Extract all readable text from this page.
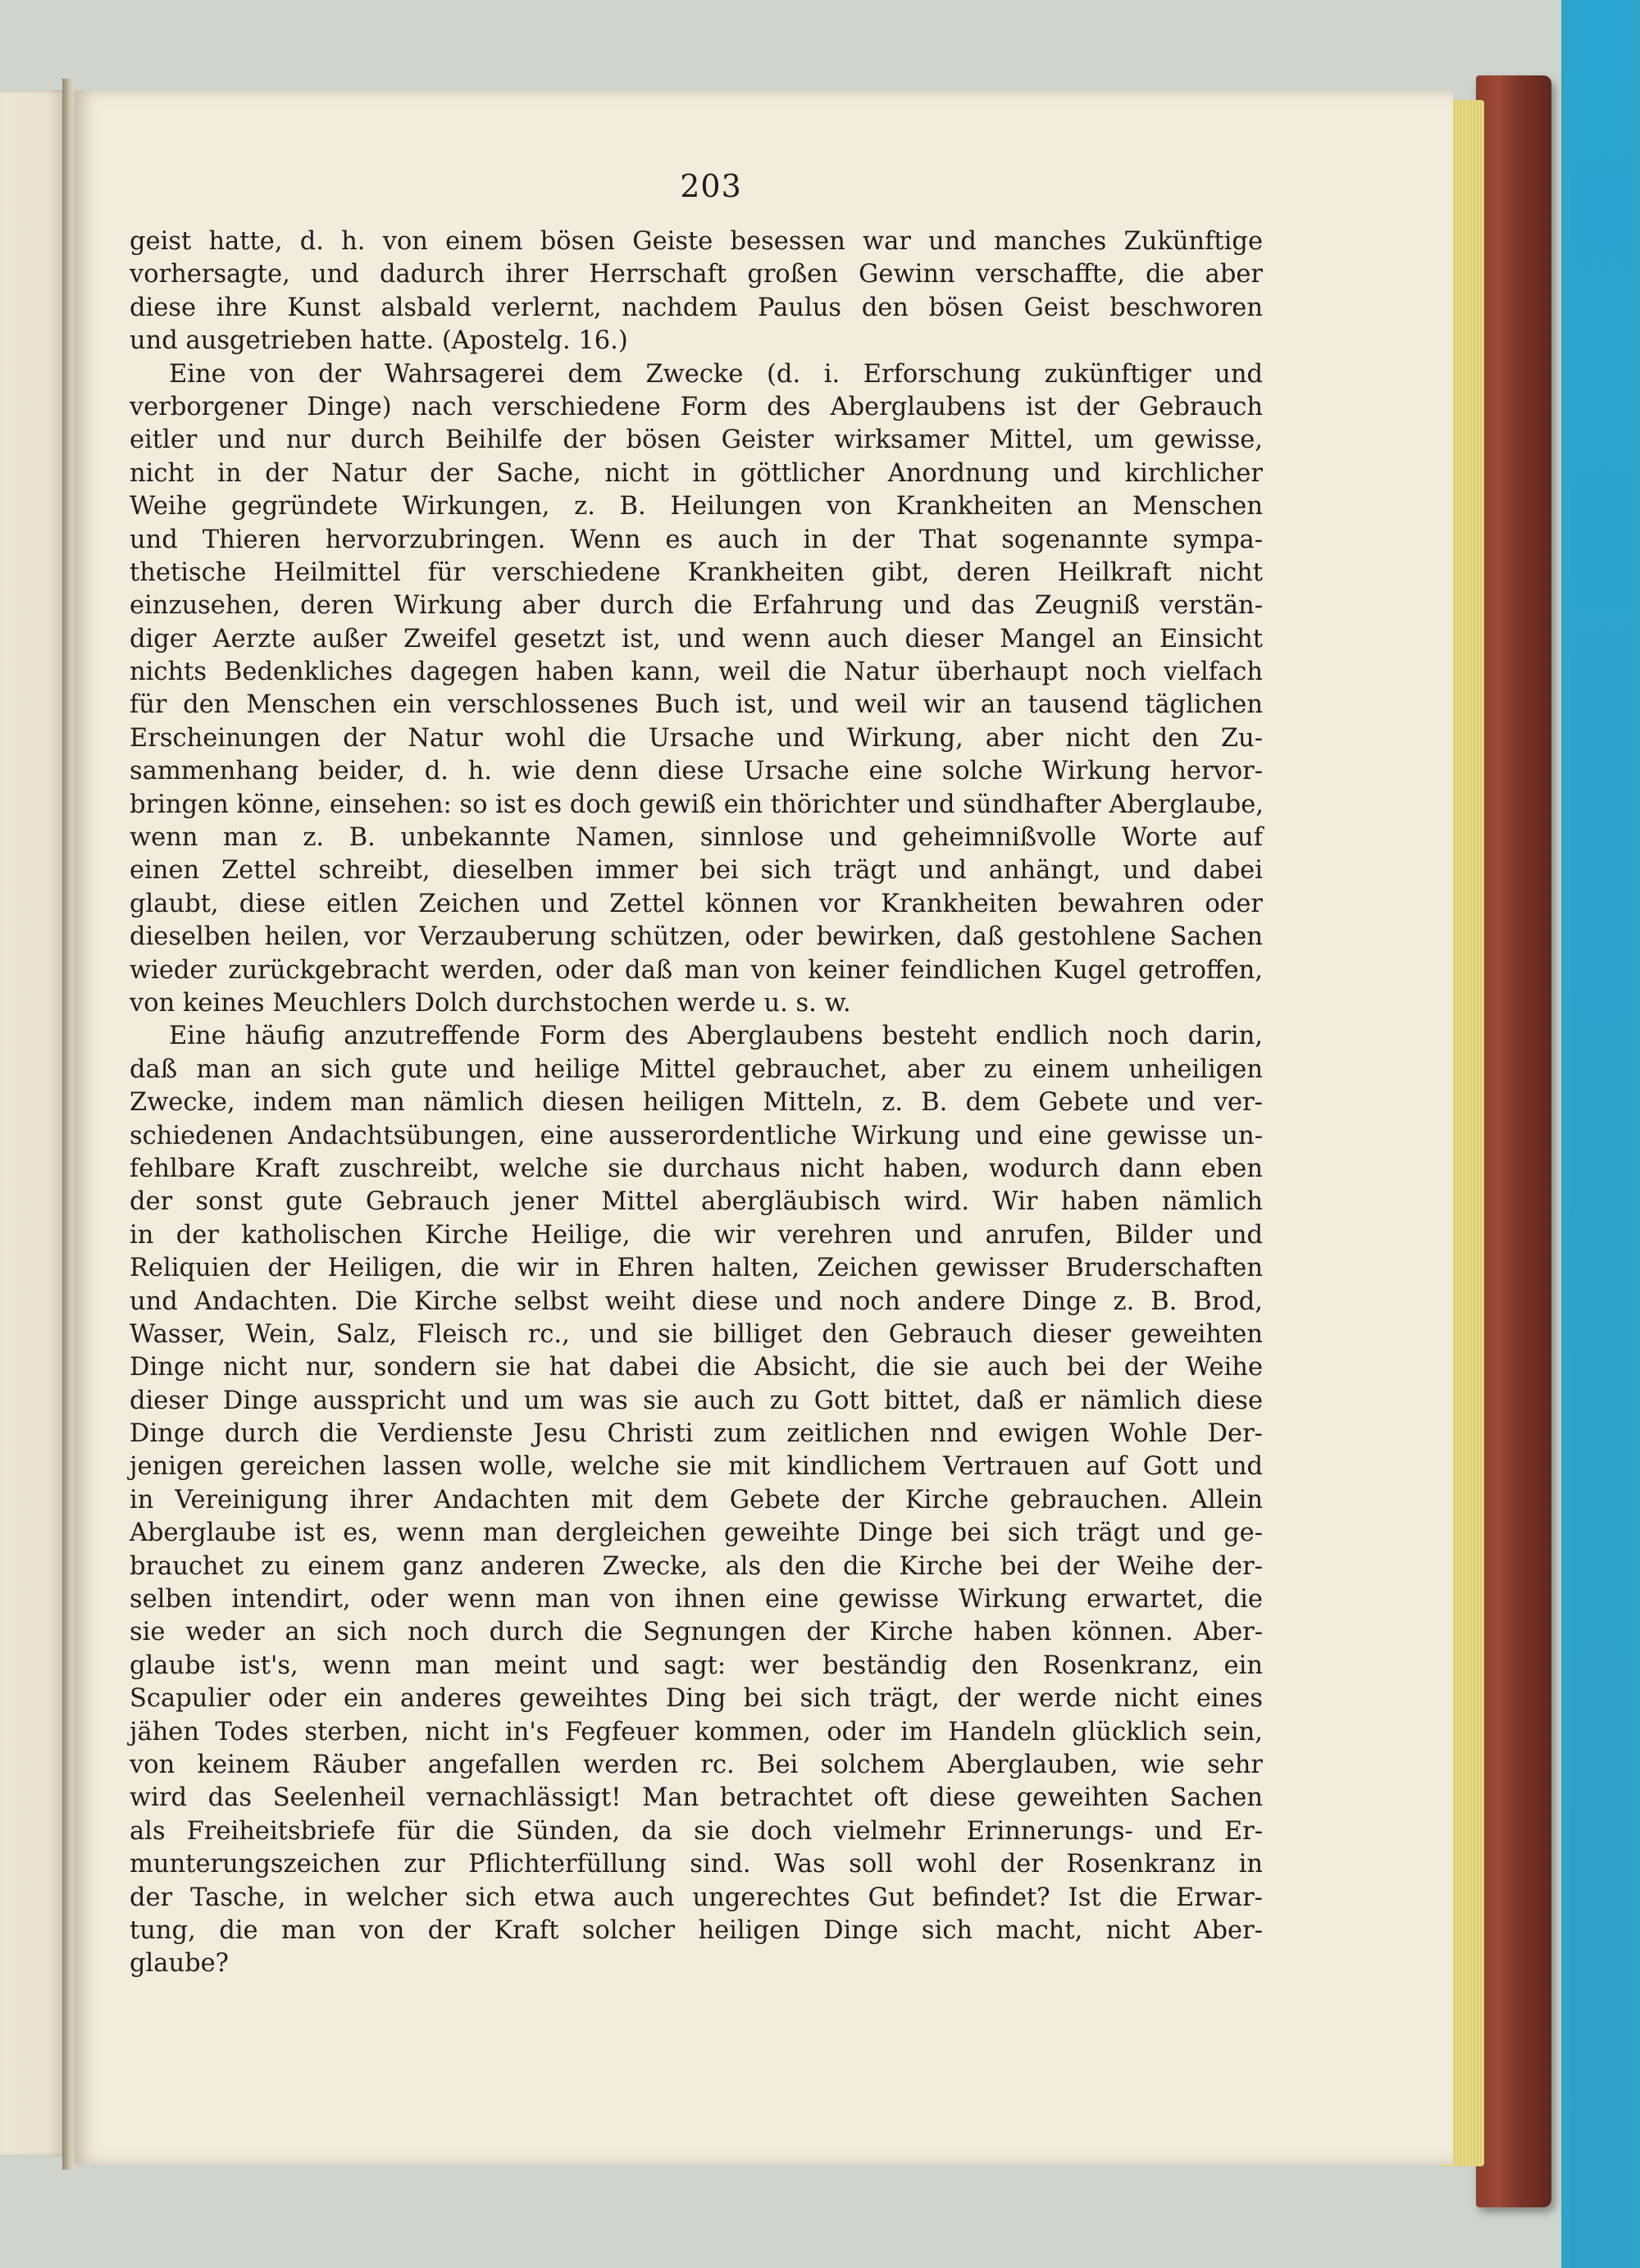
203
geist hatte, d. h. von einem bösen Geiste besessen war und manches Zukünftige
vorhersagte, und dadurch ihrer Herrschaft großen Gewinn verschaffte, die aber
diese ihre Kunst alsbald verlernt, nachdem Paulus den bösen Geist beschworen
und ausgetrieben hatte. (Apostelg. 16.)
Eine von der Wahrsagerei dem Zwecke (d. i. Erforschung zukünftiger und
verborgener Dinge) nach verschiedene Form des Aberglaubens ist der Gebrauch
eitler und nur durch Beihilfe der bösen Geister wirksamer Mittel, um gewisse,
nicht in der Natur der Sache, nicht in göttlicher Anordnung und kirchlicher
Weihe gegründete Wirkungen, z. B. Heilungen von Krankheiten an Menschen
und Thieren hervorzubringen. Wenn es auch in der That sogenannte sympa-
thetische Heilmittel für verschiedene Krankheiten gibt, deren Heilkraft nicht
einzusehen, deren Wirkung aber durch die Erfahrung und das Zeugniß verstän-
diger Aerzte außer Zweifel gesetzt ist, und wenn auch dieser Mangel an Einsicht
nichts Bedenkliches dagegen haben kann, weil die Natur überhaupt noch vielfach
für den Menschen ein verschlossenes Buch ist, und weil wir an tausend täglichen
Erscheinungen der Natur wohl die Ursache und Wirkung, aber nicht den Zu-
sammenhang beider, d. h. wie denn diese Ursache eine solche Wirkung hervor-
bringen könne, einsehen: so ist es doch gewiß ein thörichter und sündhafter Aberglaube,
wenn man z. B. unbekannte Namen, sinnlose und geheimnißvolle Worte auf
einen Zettel schreibt, dieselben immer bei sich trägt und anhängt, und dabei
glaubt, diese eitlen Zeichen und Zettel können vor Krankheiten bewahren oder
dieselben heilen, vor Verzauberung schützen, oder bewirken, daß gestohlene Sachen
wieder zurückgebracht werden, oder daß man von keiner feindlichen Kugel getroffen,
von keines Meuchlers Dolch durchstochen werde u. s. w.
Eine häufig anzutreffende Form des Aberglaubens besteht endlich noch darin,
daß man an sich gute und heilige Mittel gebrauchet, aber zu einem unheiligen
Zwecke, indem man nämlich diesen heiligen Mitteln, z. B. dem Gebete und ver-
schiedenen Andachtsübungen, eine ausserordentliche Wirkung und eine gewisse un-
fehlbare Kraft zuschreibt, welche sie durchaus nicht haben, wodurch dann eben
der sonst gute Gebrauch jener Mittel abergläubisch wird. Wir haben nämlich
in der katholischen Kirche Heilige, die wir verehren und anrufen, Bilder und
Reliquien der Heiligen, die wir in Ehren halten, Zeichen gewisser Bruderschaften
und Andachten. Die Kirche selbst weiht diese und noch andere Dinge z. B. Brod,
Wasser, Wein, Salz, Fleisch rc., und sie billiget den Gebrauch dieser geweihten
Dinge nicht nur, sondern sie hat dabei die Absicht, die sie auch bei der Weihe
dieser Dinge ausspricht und um was sie auch zu Gott bittet, daß er nämlich diese
Dinge durch die Verdienste Jesu Christi zum zeitlichen nnd ewigen Wohle Der-
jenigen gereichen lassen wolle, welche sie mit kindlichem Vertrauen auf Gott und
in Vereinigung ihrer Andachten mit dem Gebete der Kirche gebrauchen. Allein
Aberglaube ist es, wenn man dergleichen geweihte Dinge bei sich trägt und ge-
brauchet zu einem ganz anderen Zwecke, als den die Kirche bei der Weihe der-
selben intendirt, oder wenn man von ihnen eine gewisse Wirkung erwartet, die
sie weder an sich noch durch die Segnungen der Kirche haben können. Aber-
glaube ist's, wenn man meint und sagt: wer beständig den Rosenkranz, ein
Scapulier oder ein anderes geweihtes Ding bei sich trägt, der werde nicht eines
jähen Todes sterben, nicht in's Fegfeuer kommen, oder im Handeln glücklich sein,
von keinem Räuber angefallen werden rc. Bei solchem Aberglauben, wie sehr
wird das Seelenheil vernachlässigt! Man betrachtet oft diese geweihten Sachen
als Freiheitsbriefe für die Sünden, da sie doch vielmehr Erinnerungs- und Er-
munterungszeichen zur Pflichterfüllung sind. Was soll wohl der Rosenkranz in
der Tasche, in welcher sich etwa auch ungerechtes Gut befindet? Ist die Erwar-
tung, die man von der Kraft solcher heiligen Dinge sich macht, nicht Aber-
glaube?
